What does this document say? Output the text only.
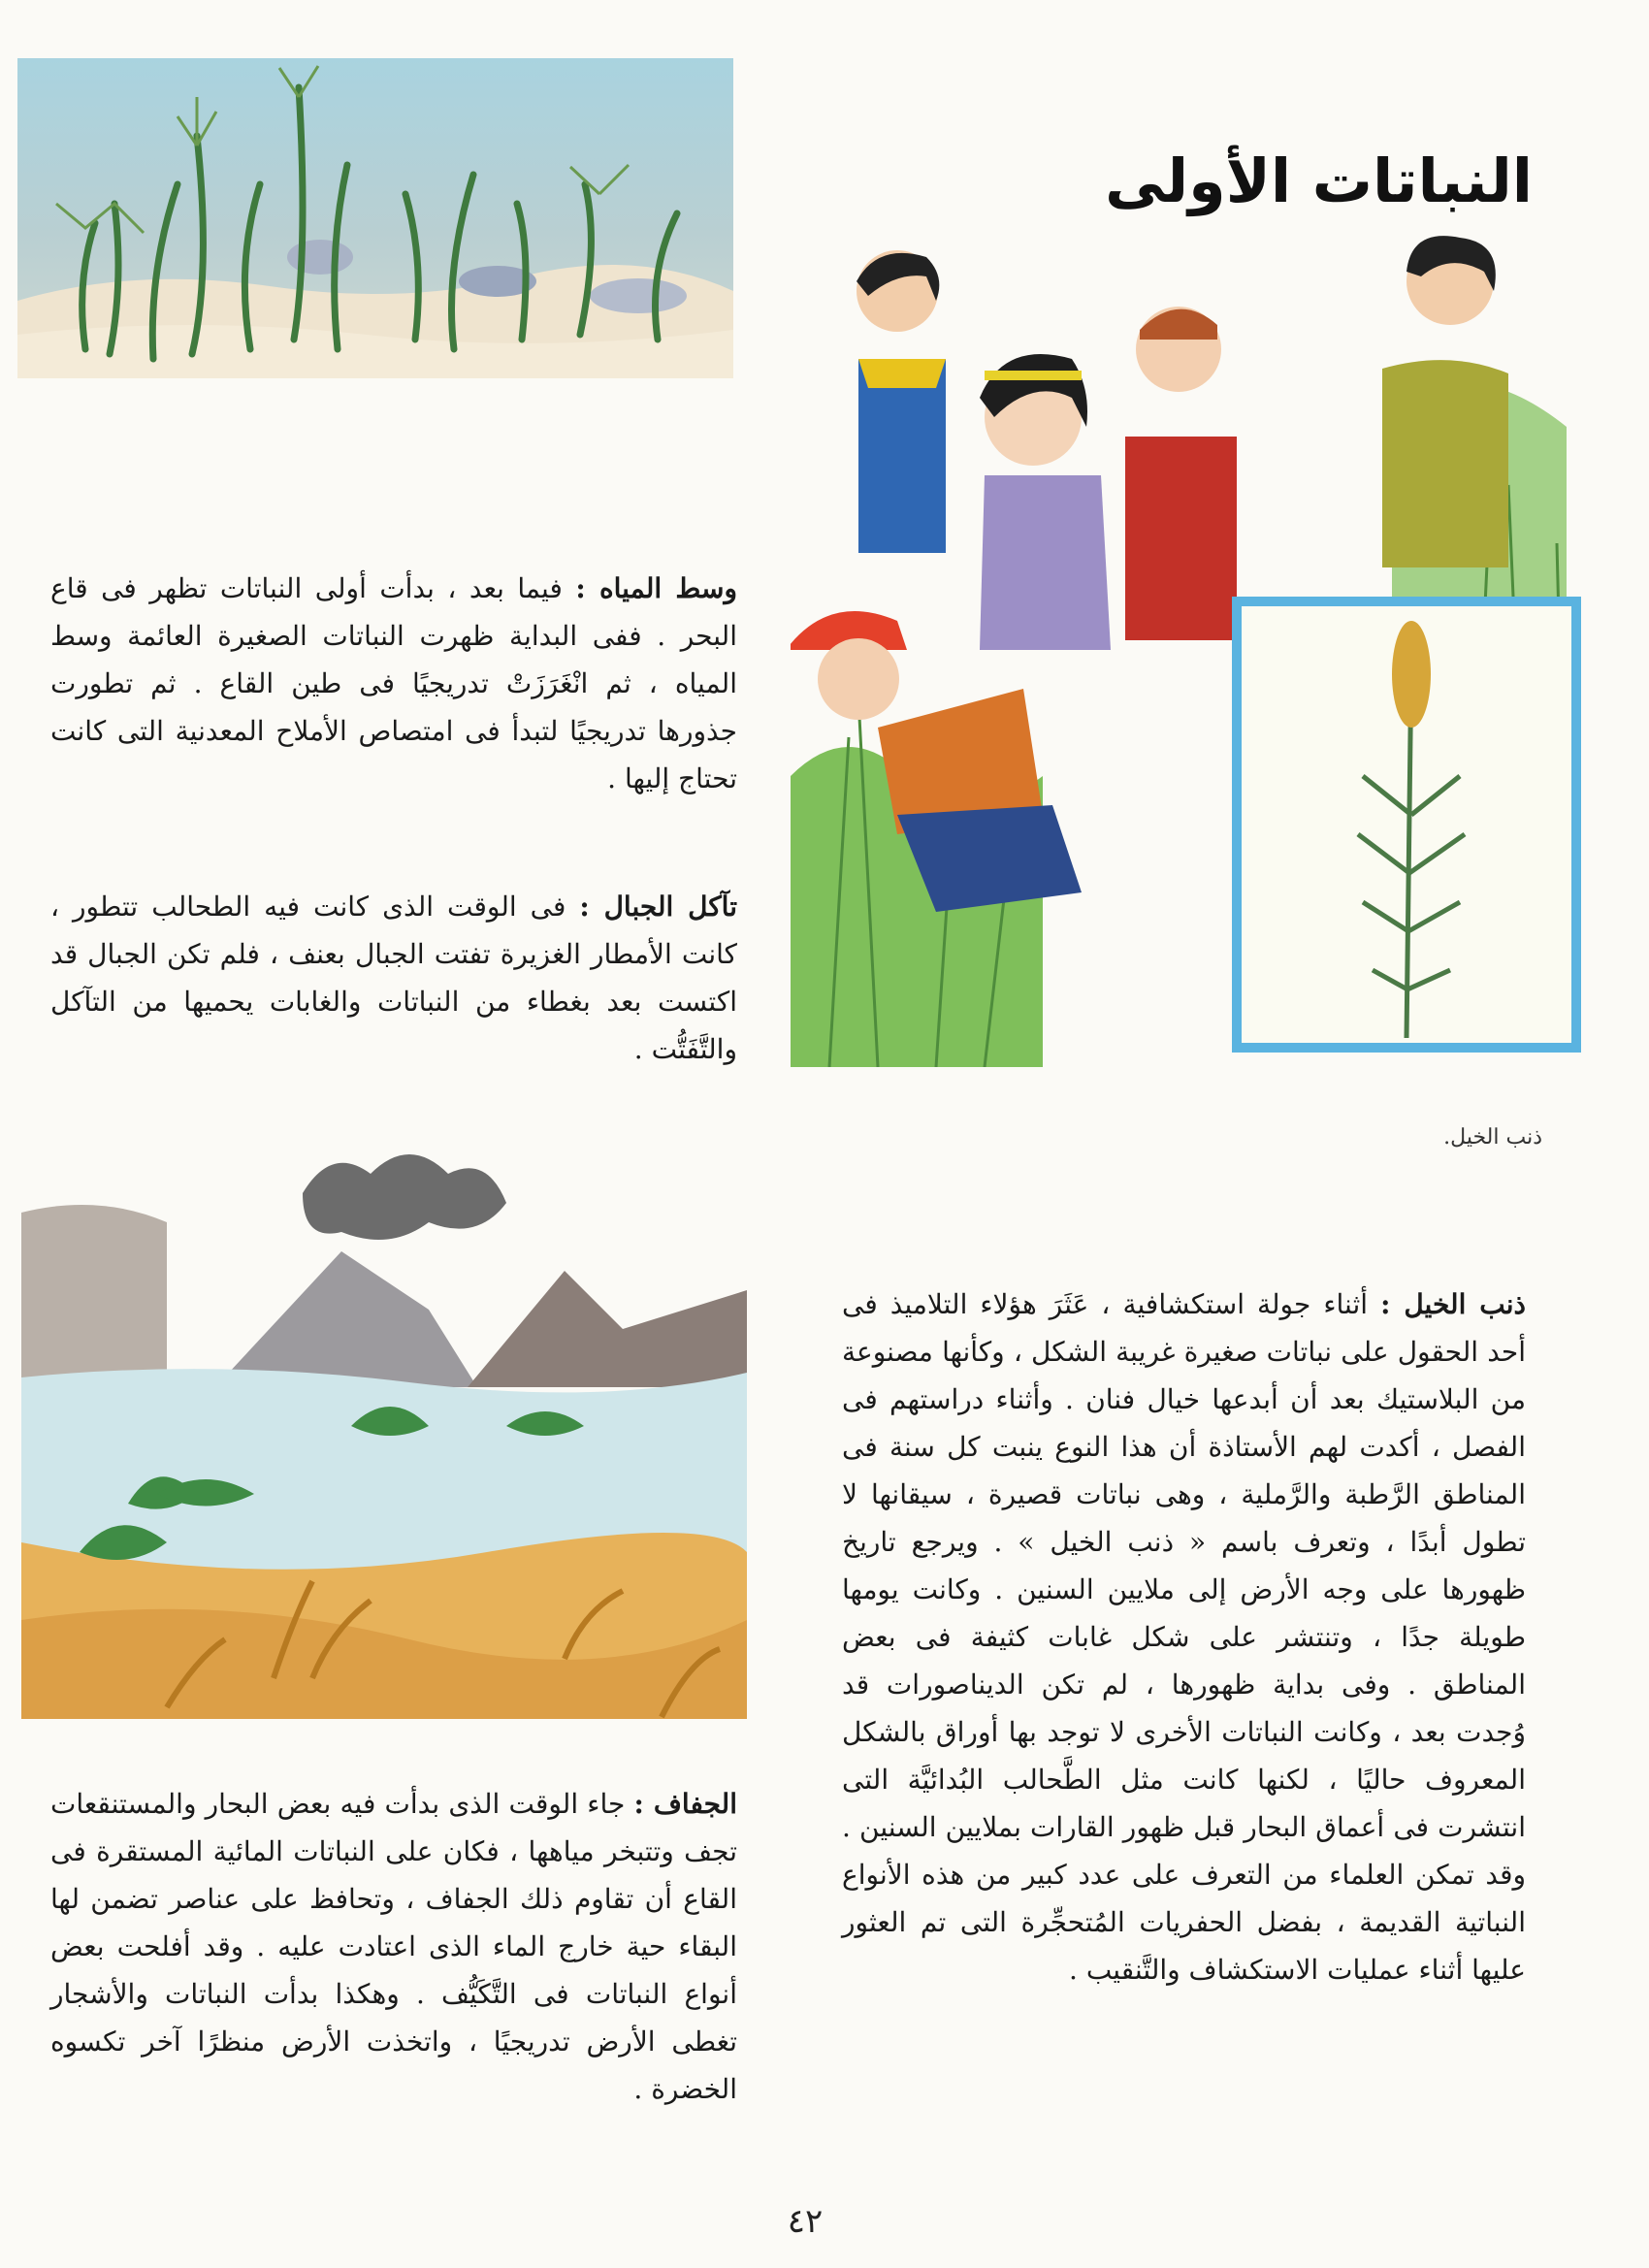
النباتات الأولى
ذنب الخيل.
وسط المياه : فيما بعد ، بدأت أولى النباتات تظهر فى قاع البحر . ففى البداية ظهرت النباتات الصغيرة العائمة وسط المياه ، ثم انْغَرَزَتْ تدريجيًا فى طين القاع . ثم تطورت جذورها تدريجيًا لتبدأ فى امتصاص الأملاح المعدنية التى كانت تحتاج إليها .
تآكل الجبال : فى الوقت الذى كانت فيه الطحالب تتطور ، كانت الأمطار الغزيرة تفتت الجبال بعنف ، فلم تكن الجبال قد اكتست بعد بغطاء من النباتات والغابات يحميها من التآكل والتَّفَتُّت .
الجفاف : جاء الوقت الذى بدأت فيه بعض البحار والمستنقعات تجف وتتبخر مياهها ، فكان على النباتات المائية المستقرة فى القاع أن تقاوم ذلك الجفاف ، وتحافظ على عناصر تضمن لها البقاء حية خارج الماء الذى اعتادت عليه . وقد أفلحت بعض أنواع النباتات فى التَّكَيُّف . وهكذا بدأت النباتات والأشجار تغطى الأرض تدريجيًا ، واتخذت الأرض منظرًا آخر تكسوه الخضرة .
ذنب الخيل : أثناء جولة استكشافية ، عَثَرَ هؤلاء التلاميذ فى أحد الحقول على نباتات صغيرة غريبة الشكل ، وكأنها مصنوعة من البلاستيك بعد أن أبدعها خيال فنان . وأثناء دراستهم فى الفصل ، أكدت لهم الأستاذة أن هذا النوع ينبت كل سنة فى المناطق الرَّطبة والرَّملية ، وهى نباتات قصيرة ، سيقانها لا تطول أبدًا ، وتعرف باسم « ذنب الخيل » . ويرجع تاريخ ظهورها على وجه الأرض إلى ملايين السنين . وكانت يومها طويلة جدًا ، وتنتشر على شكل غابات كثيفة فى بعض المناطق . وفى بداية ظهورها ، لم تكن الديناصورات قد وُجدت بعد ، وكانت النباتات الأخرى لا توجد بها أوراق بالشكل المعروف حاليًا ، لكنها كانت مثل الطَّحالب البُدائيَّة التى انتشرت فى أعماق البحار قبل ظهور القارات بملايين السنين . وقد تمكن العلماء من التعرف على عدد كبير من هذه الأنواع النباتية القديمة ، بفضل الحفريات المُتحجِّرة التى تم العثور عليها أثناء عمليات الاستكشاف والتَّنقيب .
٤٢
